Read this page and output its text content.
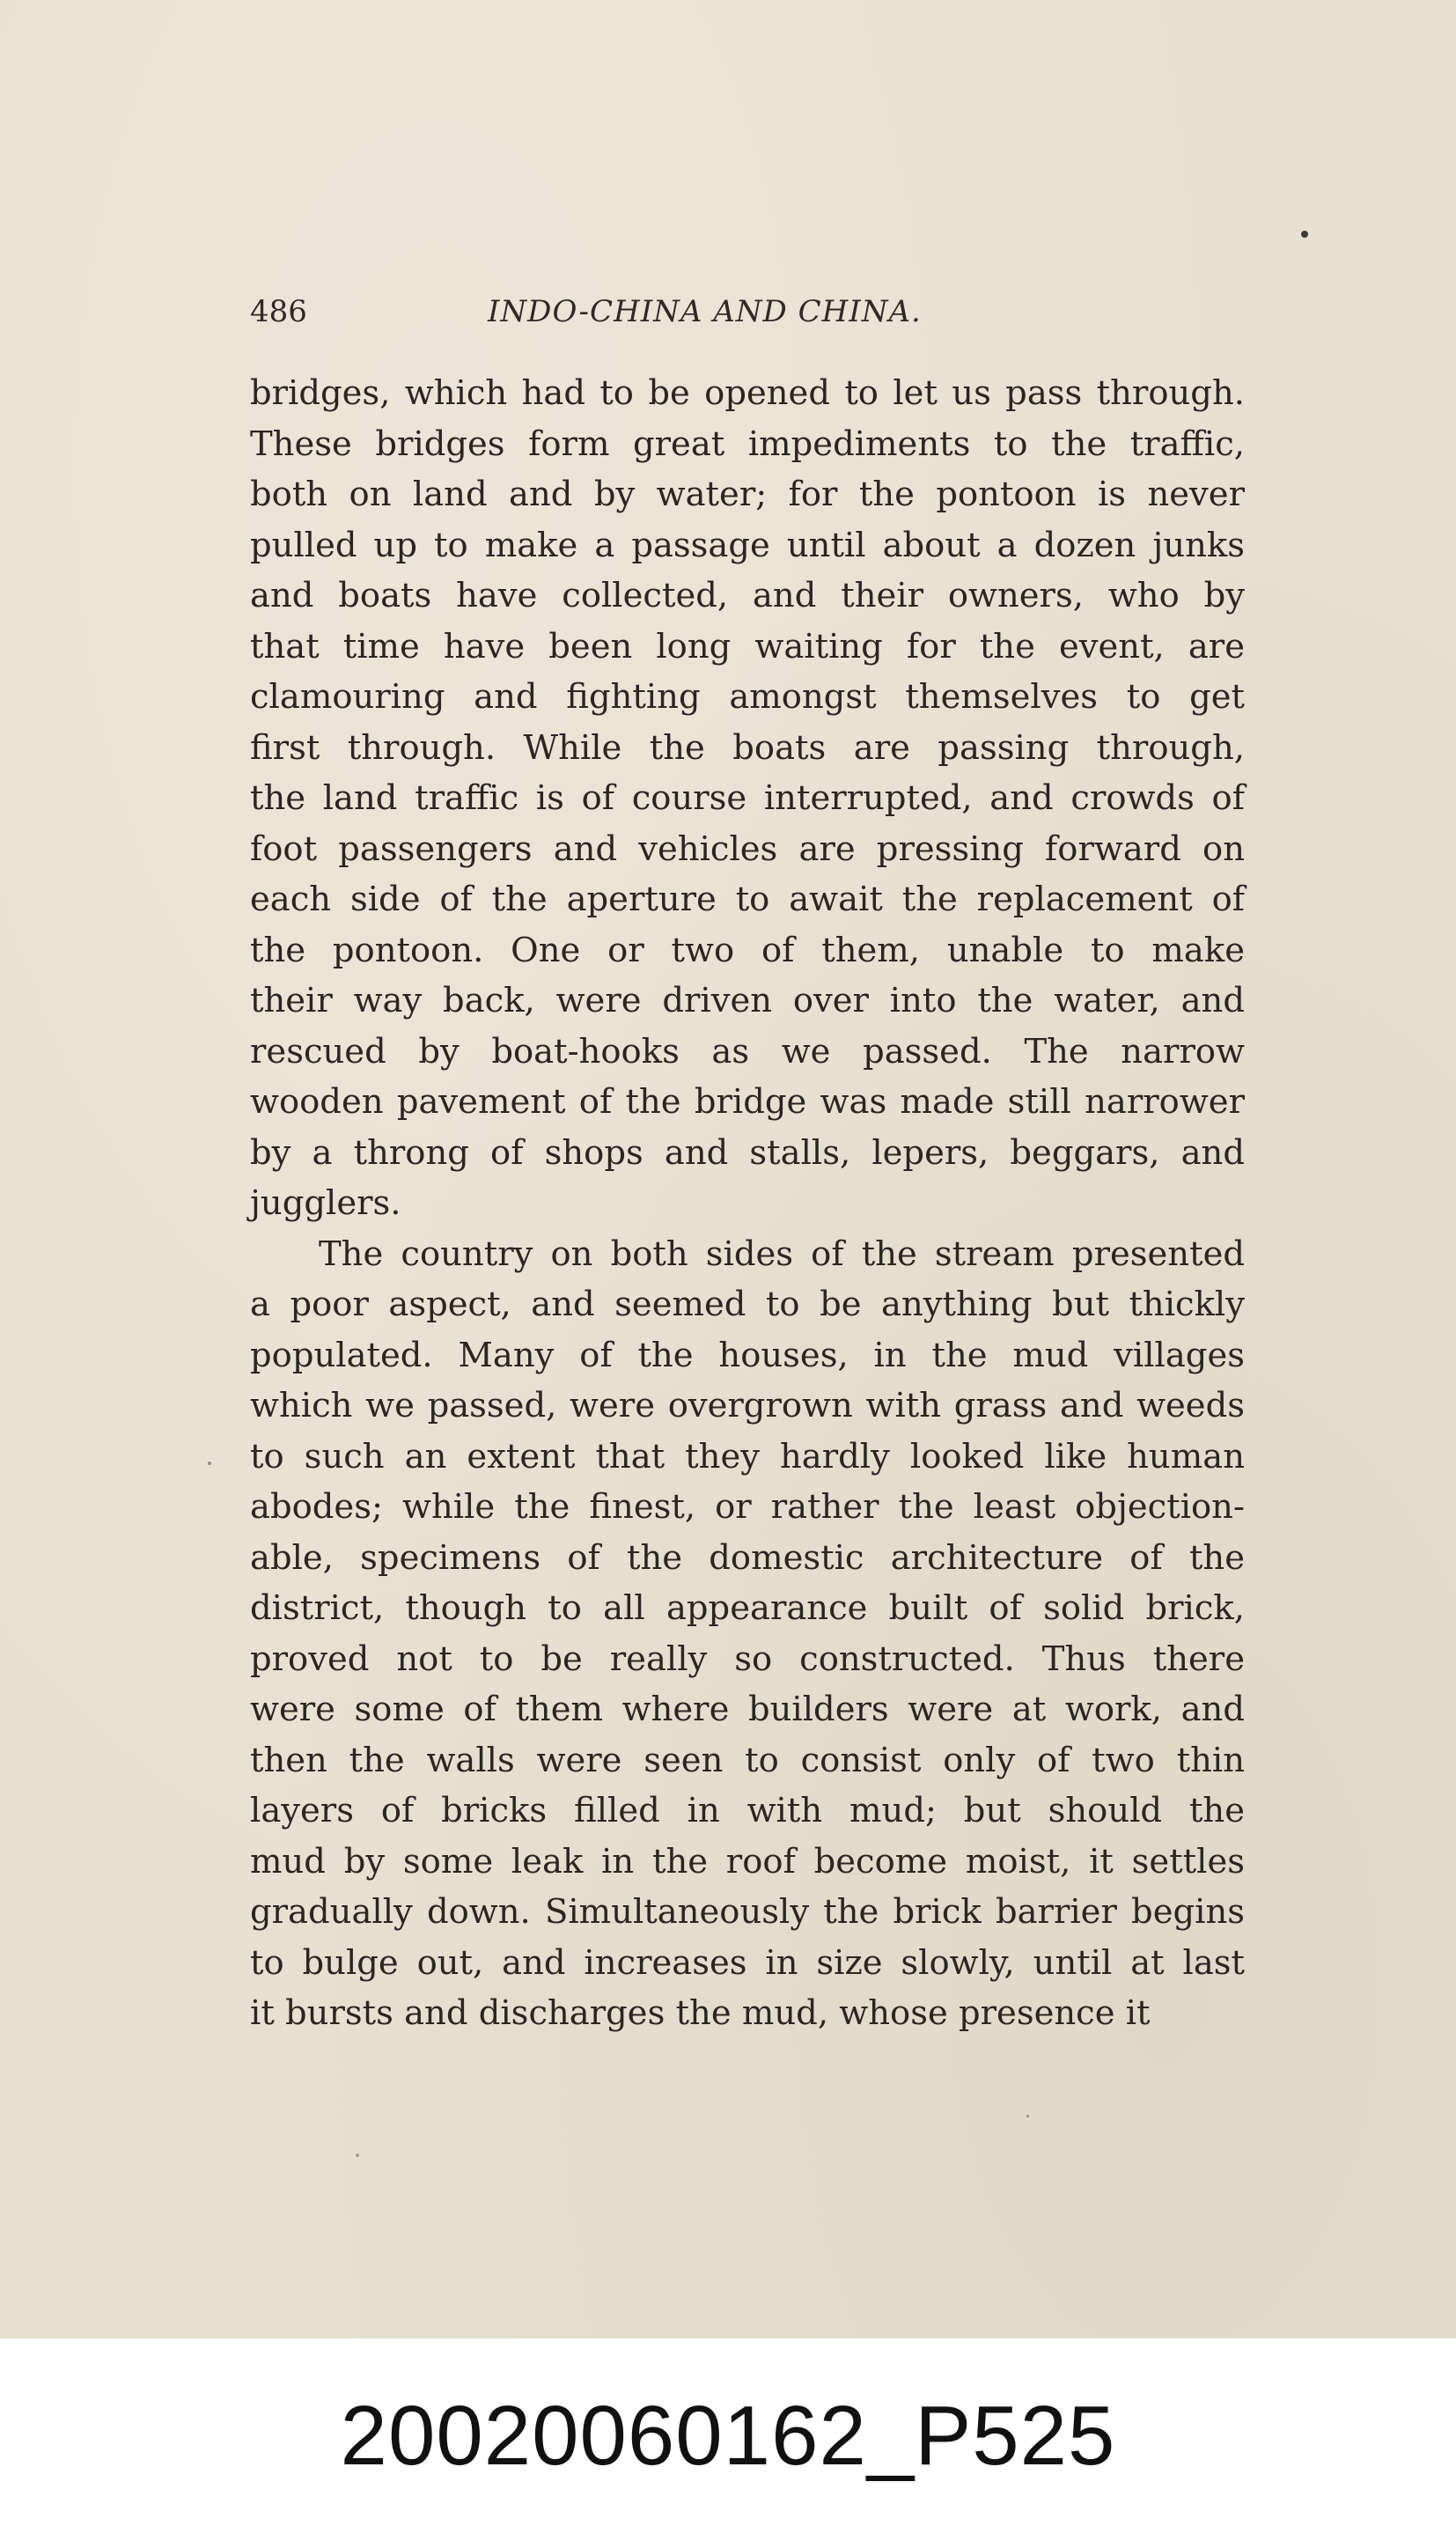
486	INDO-CHINA AND CHINA.
bridges, which had to be opened to let us pass through.
These bridges form great impediments to the traffic,
both on land and by water; for the pontoon is never
pulled up to make a passage until about a dozen junks
and boats have collected, and their owners, who by
that time have been long waiting for the event, are
clamouring and fighting amongst themselves to get
first through. While the boats are passing through,
the land traffic is of course interrupted, and crowds of
foot passengers and vehicles are pressing forward on
each side of the aperture to await the replacement of
the pontoon. One or two of them, unable to make
their way back, were driven over into the water, and
rescued by boat-hooks as we passed. The narrow
wooden pavement of the bridge was made still narrower
by a throng of shops and stalls, lepers, beggars, and
jugglers.
The country on both sides of the stream presented
a poor aspect, and seemed to be anything but thickly
populated. Many of the houses, in the mud villages
which we passed, were overgrown with grass and weeds
to such an extent that they hardly looked like human
abodes; while the finest, or rather the least objection-
able, specimens of the domestic architecture of the
district, though to all appearance built of solid brick,
proved not to be really so constructed. Thus there
were some of them where builders were at work, and
then the walls were seen to consist only of two thin
layers of bricks filled in with mud; but should the
mud by some leak in the roof become moist, it settles
gradually down. Simultaneously the brick barrier begins
to bulge out, and increases in size slowly, until at last
it bursts and discharges the mud, whose presence it
20020060162_P525
